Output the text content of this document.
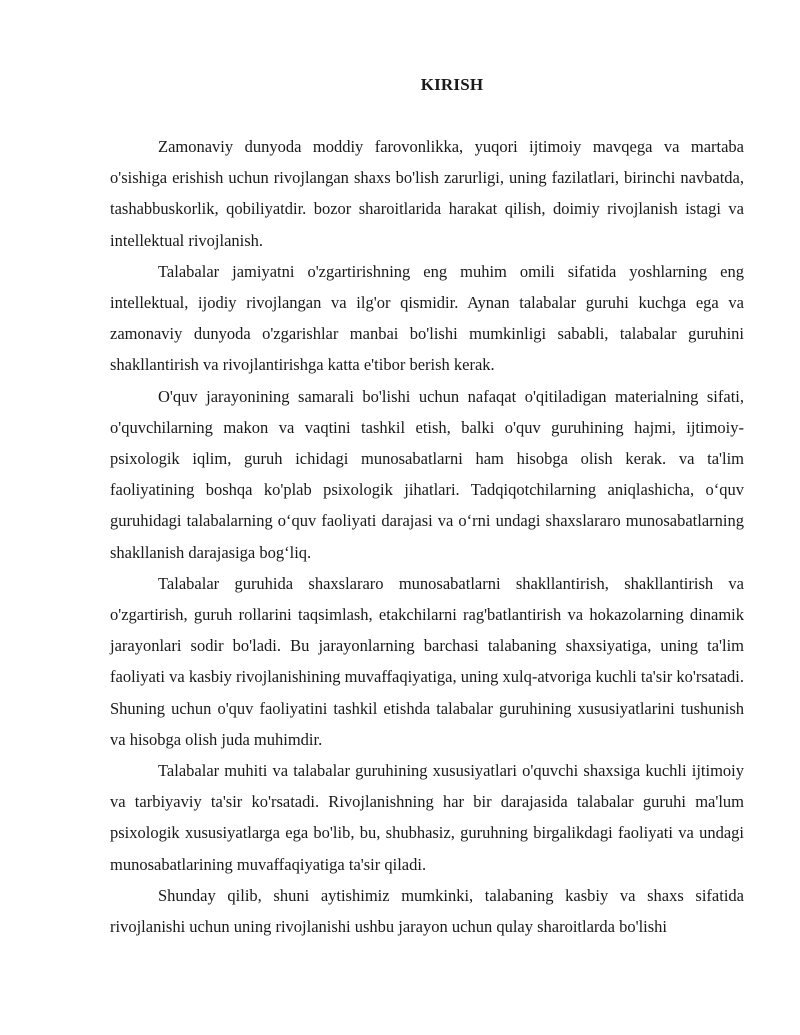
KIRISH

Zamonaviy dunyoda moddiy farovonlikka, yuqori ijtimoiy mavqega va martaba o'sishiga erishish uchun rivojlangan shaxs bo'lish zarurligi, uning fazilatlari, birinchi navbatda, tashabbuskorlik, qobiliyatdir. bozor sharoitlarida harakat qilish, doimiy rivojlanish istagi va intellektual rivojlanish.

Talabalar jamiyatni o'zgartirishning eng muhim omili sifatida yoshlarning eng intellektual, ijodiy rivojlangan va ilg'or qismidir. Aynan talabalar guruhi kuchga ega va zamonaviy dunyoda o'zgarishlar manbai bo'lishi mumkinligi sababli, talabalar guruhini shakllantirish va rivojlantirishga katta e'tibor berish kerak.

O'quv jarayonining samarali bo'lishi uchun nafaqat o'qitiladigan materialning sifati, o'quvchilarning makon va vaqtini tashkil etish, balki o'quv guruhining hajmi, ijtimoiy-psixologik iqlim, guruh ichidagi munosabatlarni ham hisobga olish kerak. va ta'lim faoliyatining boshqa ko'plab psixologik jihatlari. Tadqiqotchilarning aniqlashicha, o‘quv guruhidagi talabalarning o‘quv faoliyati darajasi va o‘rni undagi shaxslararo munosabatlarning shakllanish darajasiga bog‘liq.

Talabalar guruhida shaxslararo munosabatlarni shakllantirish, shakllantirish va o'zgartirish, guruh rollarini taqsimlash, etakchilarni rag'batlantirish va hokazolarning dinamik jarayonlari sodir bo'ladi. Bu jarayonlarning barchasi talabaning shaxsiyatiga, uning ta'lim faoliyati va kasbiy rivojlanishining muvaffaqiyatiga, uning xulq-atvoriga kuchli ta'sir ko'rsatadi. Shuning uchun o'quv faoliyatini tashkil etishda talabalar guruhining xususiyatlarini tushunish va hisobga olish juda muhimdir.

Talabalar muhiti va talabalar guruhining xususiyatlari o'quvchi shaxsiga kuchli ijtimoiy va tarbiyaviy ta'sir ko'rsatadi. Rivojlanishning har bir darajasida talabalar guruhi ma'lum psixologik xususiyatlarga ega bo'lib, bu, shubhasiz, guruhning birgalikdagi faoliyati va undagi munosabatlarining muvaffaqiyatiga ta'sir qiladi.

Shunday qilib, shuni aytishimiz mumkinki, talabaning kasbiy va shaxs sifatida rivojlanishi uchun uning rivojlanishi ushbu jarayon uchun qulay sharoitlarda bo'lishi
